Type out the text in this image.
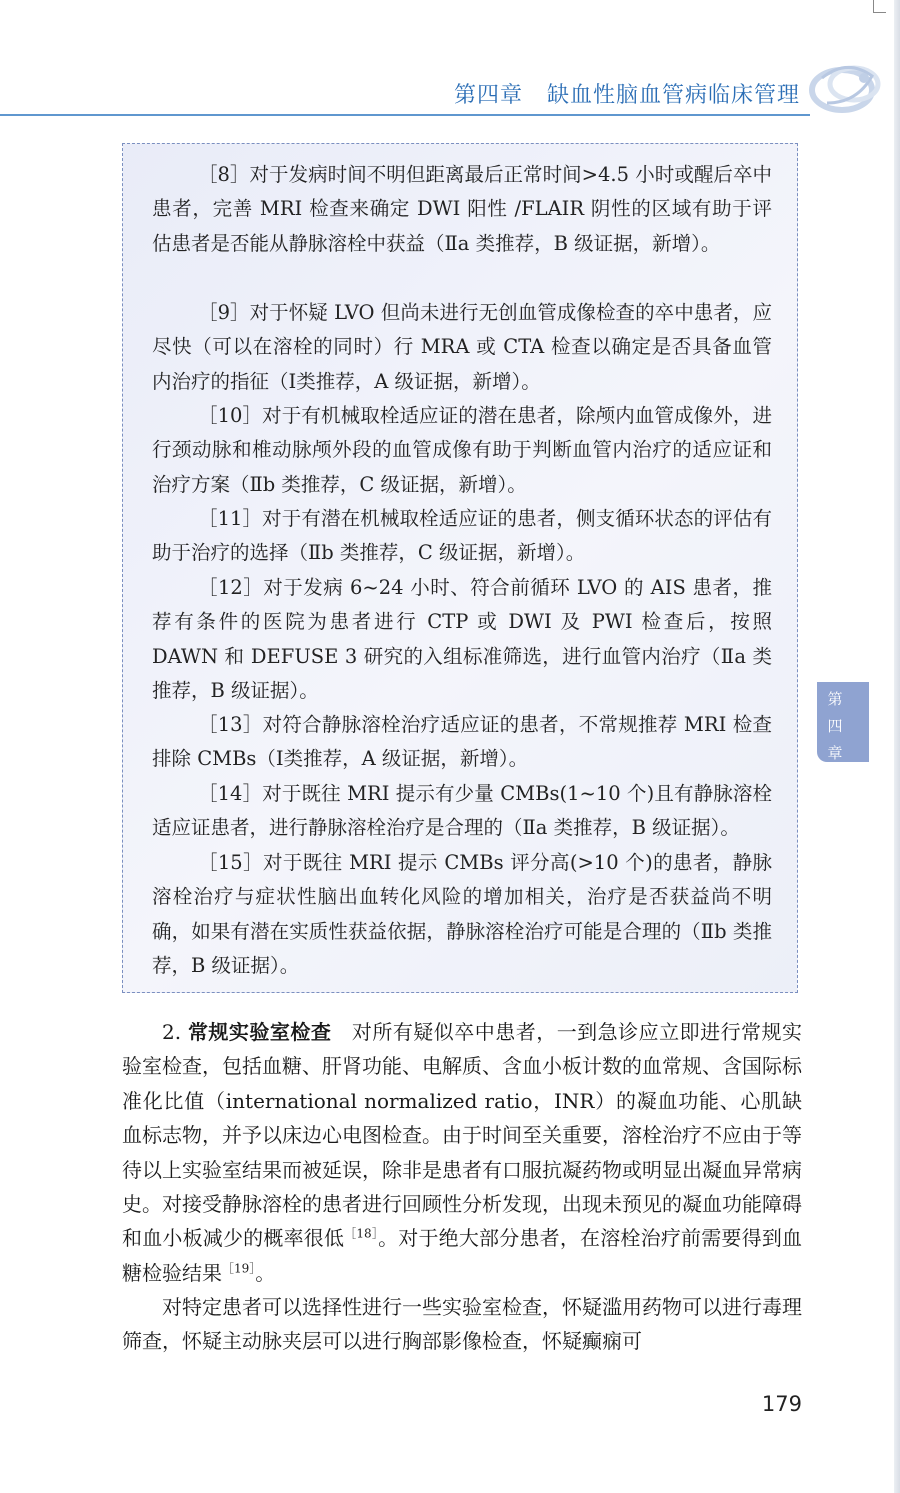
第四章 缺血性脑血管病临床管理
［8］对于发病时间不明但距离最后正常时间>4.5 小时或醒后卒中患者，完善 MRI 检查来确定 DWI 阳性 /FLAIR 阴性的区域有助于评估患者是否能从静脉溶栓中获益（Ⅱa 类推荐，B 级证据，新增）。
［9］对于怀疑 LVO 但尚未进行无创血管成像检查的卒中患者，应尽快（可以在溶栓的同时）行 MRA 或 CTA 检查以确定是否具备血管内治疗的指征（Ⅰ类推荐，A 级证据，新增）。
［10］对于有机械取栓适应证的潜在患者，除颅内血管成像外，进行颈动脉和椎动脉颅外段的血管成像有助于判断血管内治疗的适应证和治疗方案（Ⅱb 类推荐，C 级证据，新增）。
［11］对于有潜在机械取栓适应证的患者，侧支循环状态的评估有助于治疗的选择（Ⅱb 类推荐，C 级证据，新增）。
［12］对于发病 6~24 小时、符合前循环 LVO 的 AIS 患者，推荐有条件的医院为患者进行 CTP 或 DWI 及 PWI 检查后，按照 DAWN 和 DEFUSE 3 研究的入组标准筛选，进行血管内治疗（Ⅱa 类推荐，B 级证据）。
［13］对符合静脉溶栓治疗适应证的患者，不常规推荐 MRI 检查排除 CMBs（Ⅰ类推荐，A 级证据，新增）。
［14］对于既往 MRI 提示有少量 CMBs(1~10 个)且有静脉溶栓适应证患者，进行静脉溶栓治疗是合理的（Ⅱa 类推荐，B 级证据）。
［15］对于既往 MRI 提示 CMBs 评分高(>10 个)的患者，静脉溶栓治疗与症状性脑出血转化风险的增加相关，治疗是否获益尚不明确，如果有潜在实质性获益依据，静脉溶栓治疗可能是合理的（Ⅱb 类推荐，B 级证据）。
2. 常规实验室检查　 对所有疑似卒中患者，一到急诊应立即进行常规实验室检查，包括血糖、肝肾功能、电解质、含血小板计数的血常规、含国际标准化比值（international normalized ratio，INR）的凝血功能、心肌缺血标志物，并予以床边心电图检查。由于时间至关重要，溶栓治疗不应由于等待以上实验室结果而被延误，除非是患者有口服抗凝药物或明显出凝血异常病史。对接受静脉溶栓的患者进行回顾性分析发现，出现未预见的凝血功能障碍和血小板减少的概率很低$^{[18]}$。对于绝大部分患者，在溶栓治疗前需要得到血糖检验结果$^{[19]}$。
对特定患者可以选择性进行一些实验室检查，怀疑滥用药物可以进行毒理筛查，怀疑主动脉夹层可以进行胸部影像检查，怀疑癫痫可
第
四
章
179
